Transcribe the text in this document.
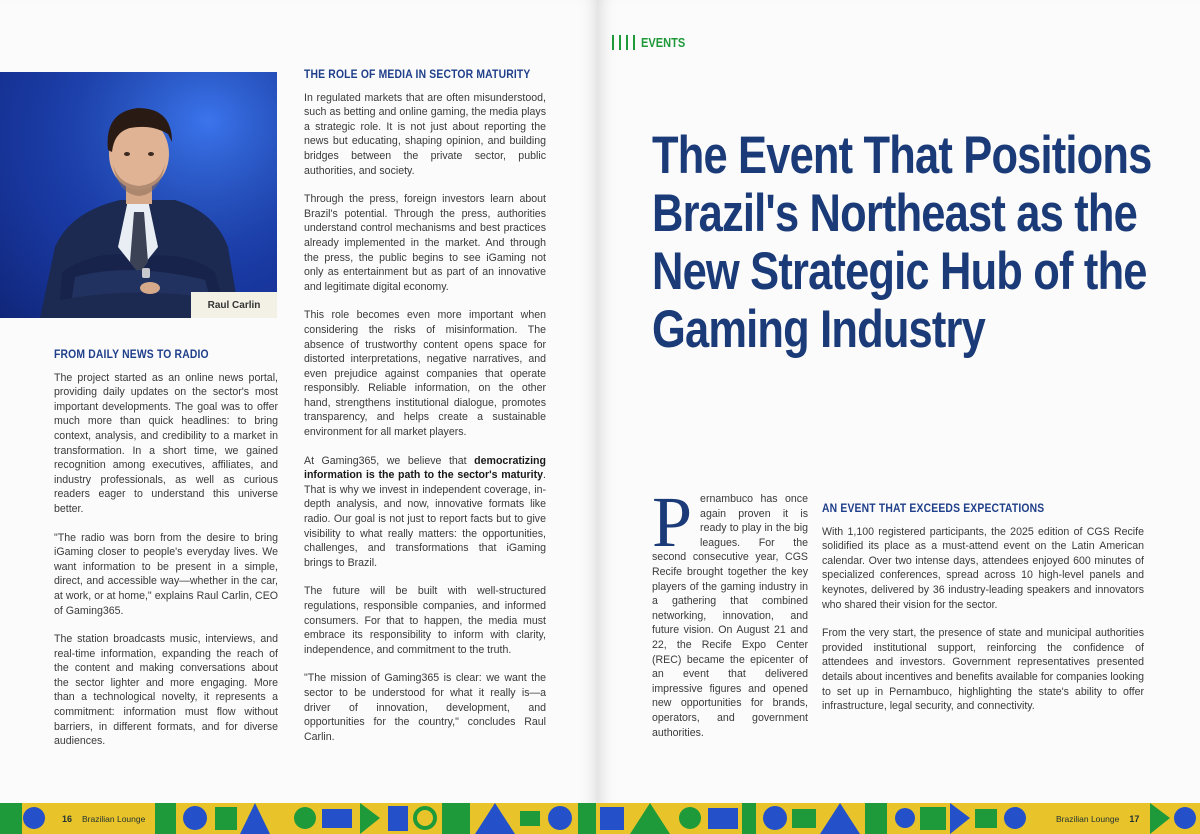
Raul Carlin
FROM DAILY NEWS TO RADIO

The project started as an online news portal, providing daily updates on the sector's most important developments. The goal was to offer much more than quick headlines: to bring context, analysis, and credibility to a market in transformation. In a short time, we gained recognition among executives, affiliates, and industry professionals, as well as curious readers eager to understand this universe better.

"The radio was born from the desire to bring iGaming closer to people's everyday lives. We want information to be present in a simple, direct, and accessible way—whether in the car, at work, or at home," explains Raul Carlin, CEO of Gaming365.

The station broadcasts music, interviews, and real-time information, expanding the reach of the content and making conversations about the sector lighter and more engaging. More than a technological novelty, it represents a commitment: information must flow without barriers, in different formats, and for diverse audiences.

THE ROLE OF MEDIA IN SECTOR MATURITY

In regulated markets that are often misunderstood, such as betting and online gaming, the media plays a strategic role. It is not just about reporting the news but educating, shaping opinion, and building bridges between the private sector, public authorities, and society.

Through the press, foreign investors learn about Brazil's potential. Through the press, authorities understand control mechanisms and best practices already implemented in the market. And through the press, the public begins to see iGaming not only as entertainment but as part of an innovative and legitimate digital economy.

This role becomes even more important when considering the risks of misinformation. The absence of trustworthy content opens space for distorted interpretations, negative narratives, and even prejudice against companies that operate responsibly. Reliable information, on the other hand, strengthens institutional dialogue, promotes transparency, and helps create a sustainable environment for all market players.

At Gaming365, we believe that democratizing information is the path to the sector's maturity. That is why we invest in independent coverage, in-depth analysis, and now, innovative formats like radio. Our goal is not just to report facts but to give visibility to what really matters: the opportunities, challenges, and transformations that iGaming brings to Brazil.

The future will be built with well-structured regulations, responsible companies, and informed consumers. For that to happen, the media must embrace its responsibility to inform with clarity, independence, and commitment to the truth.

"The mission of Gaming365 is clear: we want the sector to be understood for what it really is—a driver of innovation, development, and opportunities for the country," concludes Raul Carlin.

EVENTS
The Event That Positions Brazil's Northeast as the New Strategic Hub of the Gaming Industry

Pernambuco has once again proven it is ready to play in the big leagues. For the second consecutive year, CGS Recife brought together the key players of the gaming industry in a gathering that combined networking, innovation, and future vision. On August 21 and 22, the Recife Expo Center (REC) became the epicenter of an event that delivered impressive figures and opened new opportunities for brands, operators, and government authorities.

AN EVENT THAT EXCEEDS EXPECTATIONS

With 1,100 registered participants, the 2025 edition of CGS Recife solidified its place as a must-attend event on the Latin American calendar. Over two intense days, attendees enjoyed 600 minutes of specialized conferences, spread across 10 high-level panels and keynotes, delivered by 36 industry-leading speakers and innovators who shared their vision for the sector.

From the very start, the presence of state and municipal authorities provided institutional support, reinforcing the confidence of attendees and investors. Government representatives presented details about incentives and benefits available for companies looking to set up in Pernambuco, highlighting the state's ability to offer infrastructure, legal security, and connectivity.

16 Brazilian Lounge	Brazilian Lounge 17
